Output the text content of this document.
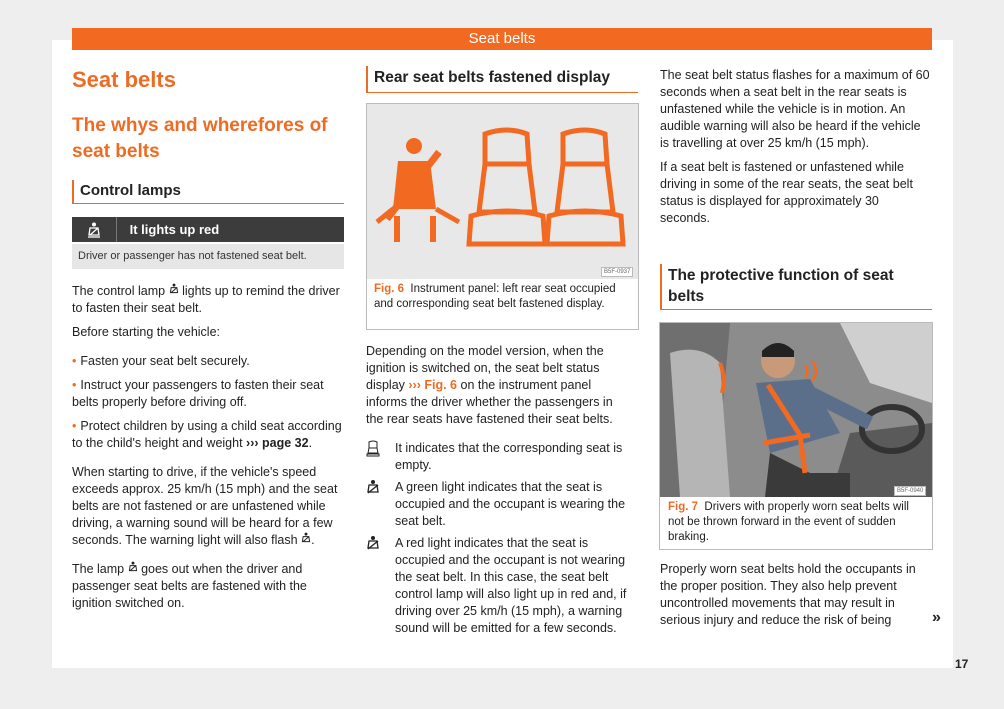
Seat belts
Seat belts
The whys and wherefores of seat belts
Control lamps
It lights up red
Driver or passenger has not fastened seat belt.

The control lamp lights up to remind the driver to fasten their seat belt.

Before starting the vehicle:

• Fasten your seat belt securely.

• Instruct your passengers to fasten their seat belts properly before driving off.

• Protect children by using a child seat according to the child's height and weight ››› page 32.

When starting to drive, if the vehicle's speed exceeds approx. 25 km/h (15 mph) and the seat belts are not fastened or are unfastened while driving, a warning sound will be heard for a few seconds. The warning light will also flash .

The lamp goes out when the driver and passenger seat belts are fastened with the ignition switched on.

Rear seat belts fastened display
B5F-0937
Fig. 6 Instrument panel: left rear seat occupied and corresponding seat belt fastened display.

Depending on the model version, when the ignition is switched on, the seat belt status display ››› Fig. 6 on the instrument panel informs the driver whether the passengers in the rear seats have fastened their seat belts.

It indicates that the corresponding seat is empty.
A green light indicates that the seat is occupied and the occupant is wearing the seat belt.
A red light indicates that the seat is occupied and the occupant is not wearing the seat belt. In this case, the seat belt control lamp will also light up in red and, if driving over 25 km/h (15 mph), a warning sound will be emitted for a few seconds.

The seat belt status flashes for a maximum of 60 seconds when a seat belt in the rear seats is unfastened while the vehicle is in motion. An audible warning will also be heard if the vehicle is travelling at over 25 km/h (15 mph).

If a seat belt is fastened or unfastened while driving in some of the rear seats, the seat belt status is displayed for approximately 30 seconds.

The protective function of seat belts
B5F-0940
Fig. 7 Drivers with properly worn seat belts will not be thrown forward in the event of sudden braking.

Properly worn seat belts hold the occupants in the proper position. They also help prevent uncontrolled movements that may result in serious injury and reduce the risk of being	»
17
